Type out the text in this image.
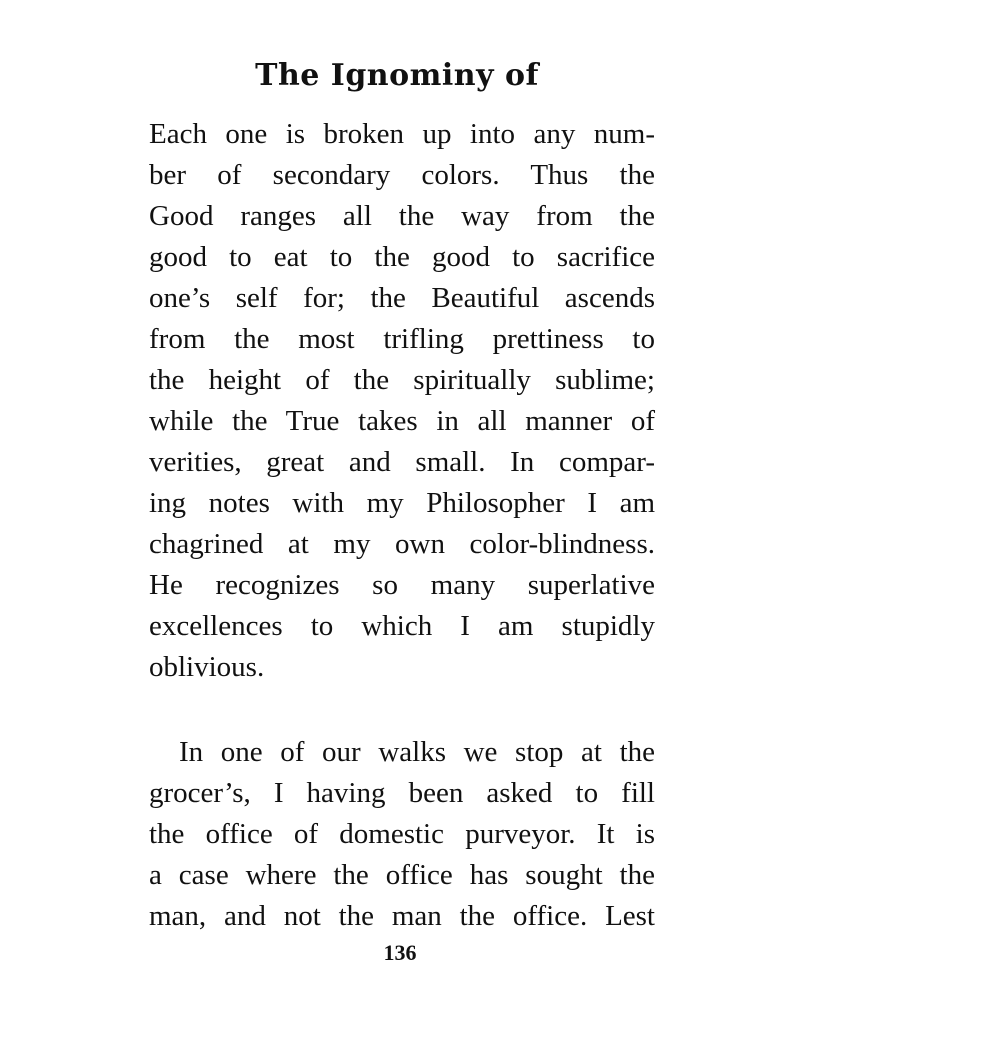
The Ignominy of
Each one is broken up into any num-
ber of secondary colors. Thus the
Good ranges all the way from the
good to eat to the good to sacrifice
one’s self for; the Beautiful ascends
from the most trifling prettiness to
the height of the spiritually sublime;
while the True takes in all manner of
verities, great and small. In compar-
ing notes with my Philosopher I am
chagrined at my own color-blindness.
He recognizes so many superlative
excellences to which I am stupidly
oblivious.
In one of our walks we stop at the
grocer’s, I having been asked to fill
the office of domestic purveyor. It is
a case where the office has sought the
man, and not the man the office. Lest
136
